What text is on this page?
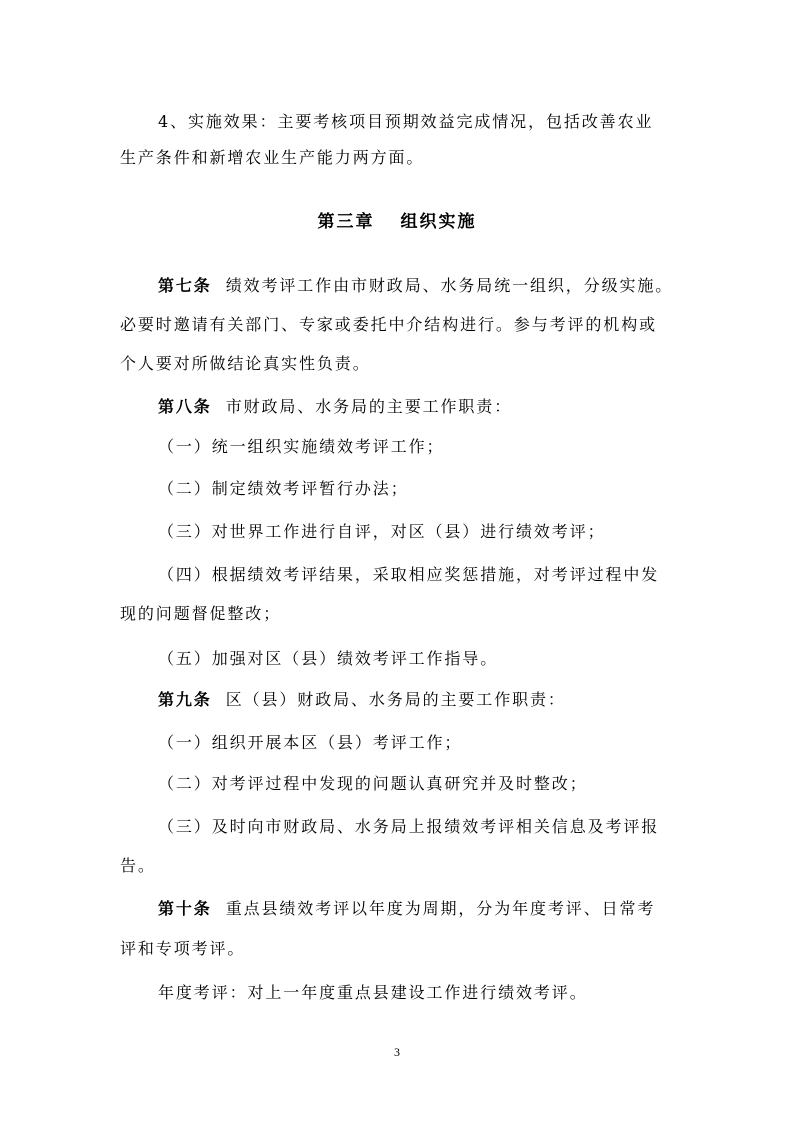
4、实施效果：主要考核项目预期效益完成情况，包括改善农业
生产条件和新增农业生产能力两方面。
第三章 组织实施
第七条 绩效考评工作由市财政局、水务局统一组织，分级实施。
必要时邀请有关部门、专家或委托中介结构进行。参与考评的机构或
个人要对所做结论真实性负责。
第八条 市财政局、水务局的主要工作职责：
（一）统一组织实施绩效考评工作；
（二）制定绩效考评暂行办法；
（三）对世界工作进行自评，对区（县）进行绩效考评；
（四）根据绩效考评结果，采取相应奖惩措施，对考评过程中发
现的问题督促整改；
（五）加强对区（县）绩效考评工作指导。
第九条 区（县）财政局、水务局的主要工作职责：
（一）组织开展本区（县）考评工作；
（二）对考评过程中发现的问题认真研究并及时整改；
（三）及时向市财政局、水务局上报绩效考评相关信息及考评报
告。
第十条 重点县绩效考评以年度为周期，分为年度考评、日常考
评和专项考评。
年度考评：对上一年度重点县建设工作进行绩效考评。
3
